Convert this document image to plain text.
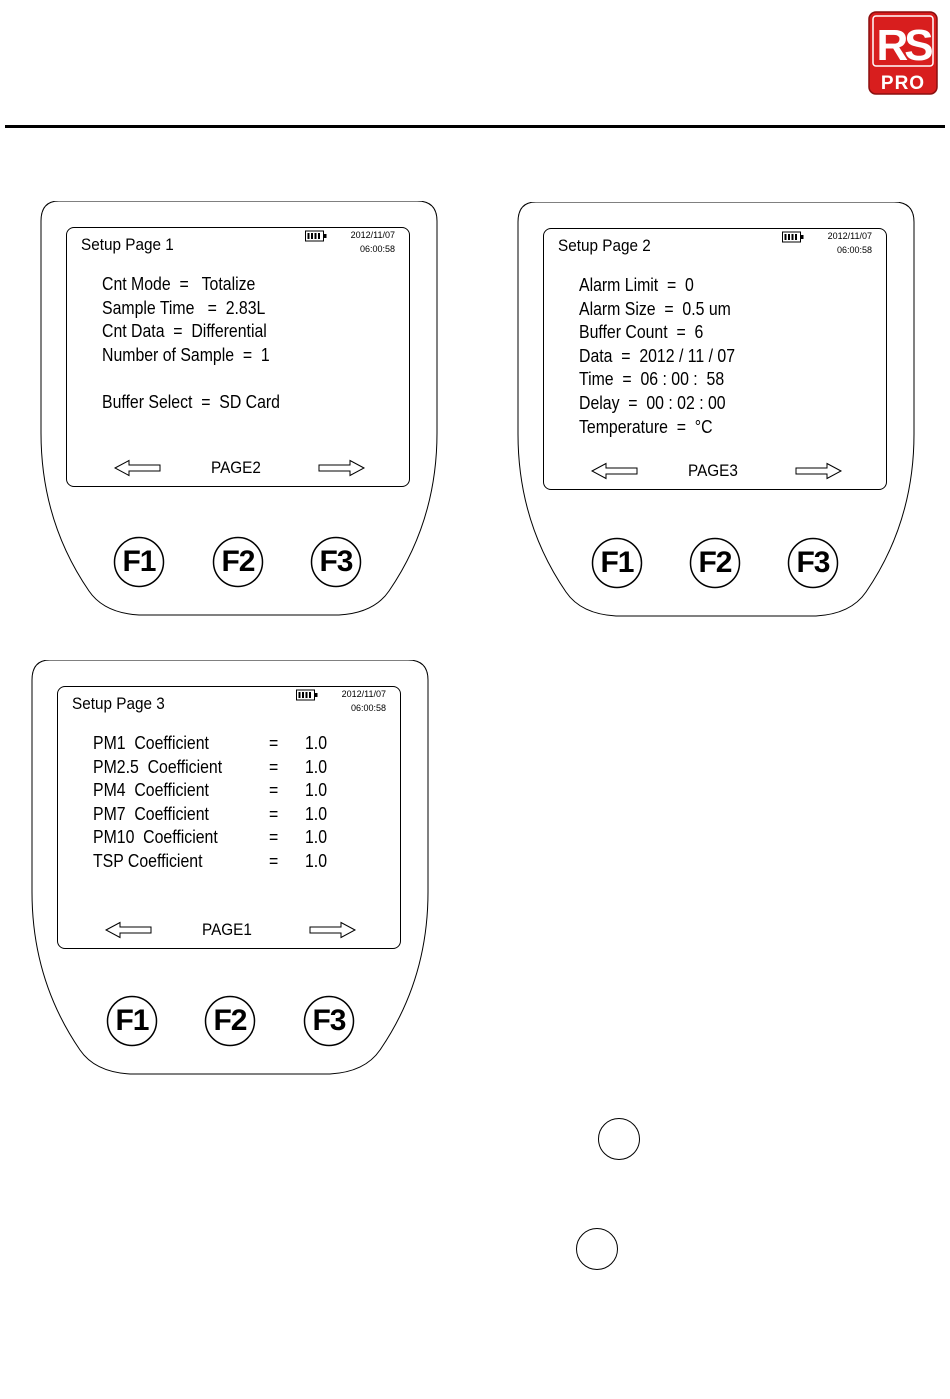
RS
PRO
Setup Page 1	2012/11/07
06:00:58
Cnt Mode  =   Totalize
Sample Time   =  2.83L
Cnt Data  =  Differential
Number of Sample  =  1
Buffer Select  =  SD Card
PAGE2
F1	F2	F3
Setup Page 2	2012/11/07
06:00:58
Alarm Limit  =  0
Alarm Size  =  0.5 um
Buffer Count  =  6
Data  =  2012 / 11 / 07
Time  =  06 : 00 :  58
Delay  =  00 : 02 : 00
Temperature  =  °C
PAGE3
F1	F2	F3
Setup Page 3	2012/11/07
06:00:58
PM1  Coefficient	= 1.0
PM2.5  Coefficient	= 1.0
PM4  Coefficient	= 1.0
PM7  Coefficient	= 1.0
PM10  Coefficient	= 1.0
TSP Coefficient	= 1.0
PAGE1
F1	F2	F3
